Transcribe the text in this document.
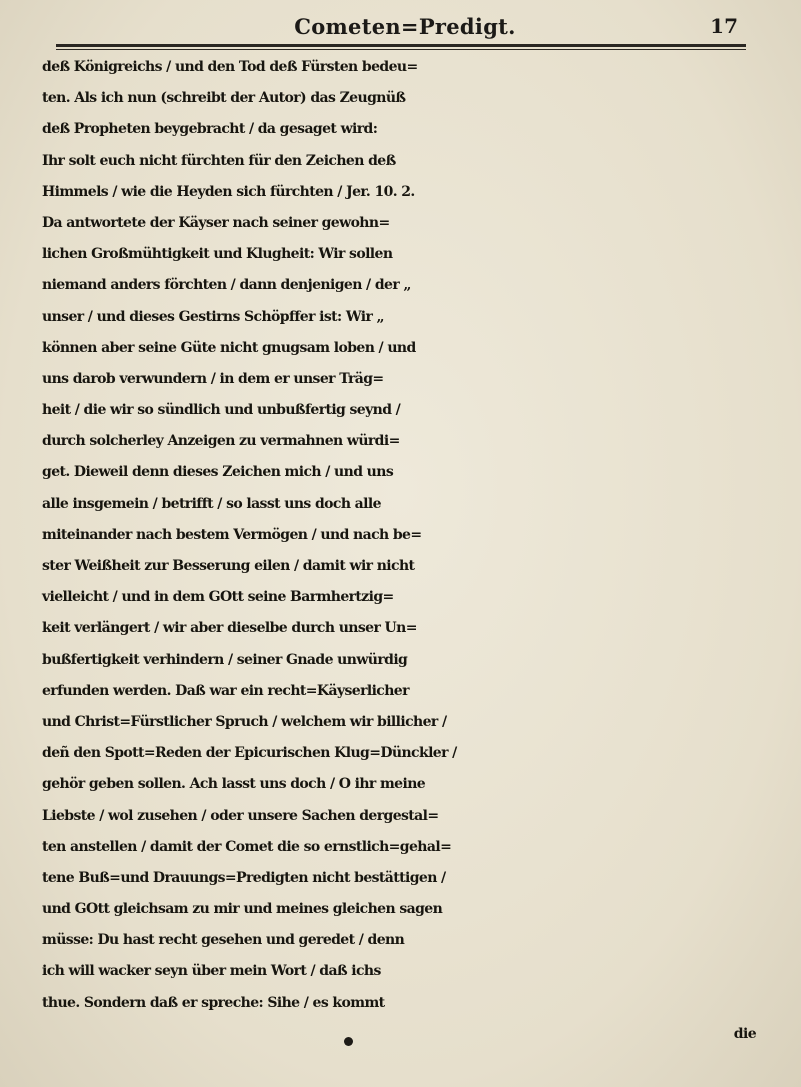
Cometen=Predigt.	17
deß Königreichs / und den Tod deß Fürsten bedeu=
ten. Als ich nun (schreibt der Autor) das Zeugnüß
deß Propheten beygebracht / da gesaget wird:
Ihr solt euch nicht fürchten für den Zeichen deß
Himmels / wie die Heyden sich fürchten / Jer. 10. 2.
Da antwortete der Käyser nach seiner gewohn=
lichen Großmühtigkeit und Klugheit: Wir sollen
niemand anders förchten / dann denjenigen / der „
unser / und dieses Gestirns Schöpffer ist: Wir „
können aber seine Güte nicht gnugsam loben / und
uns darob verwundern / in dem er unser Träg=
heit / die wir so sündlich und unbußfertig seynd /
durch solcherley Anzeigen zu vermahnen würdi=
get. Dieweil denn dieses Zeichen mich / und uns
alle insgemein / betrifft / so lasst uns doch alle
miteinander nach bestem Vermögen / und nach be=
ster Weißheit zur Besserung eilen / damit wir nicht
vielleicht / und in dem GOtt seine Barmhertzig=
keit verlängert / wir aber dieselbe durch unser Un=
bußfertigkeit verhindern / seiner Gnade unwürdig
erfunden werden. Daß war ein recht=Käyserlicher
und Christ=Fürstlicher Spruch / welchem wir billicher /
deñ den Spott=Reden der Epicurischen Klug=Dünckler /
gehör geben sollen. Ach lasst uns doch / O ihr meine
Liebste / wol zusehen / oder unsere Sachen dergestal=
ten anstellen / damit der Comet die so ernstlich=gehal=
tene Buß=und Drauungs=Predigten nicht bestättigen /
und GOtt gleichsam zu mir und meines gleichen sagen
müsse: Du hast recht gesehen und geredet / denn
ich will wacker seyn über mein Wort / daß ichs
thue. Sondern daß er spreche: Sihe / es kommt
die
